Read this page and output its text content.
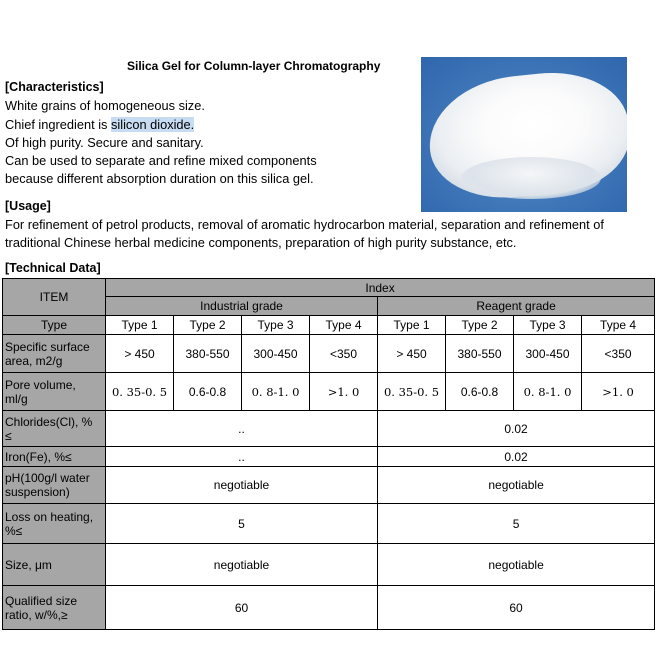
Silica Gel for Column-layer Chromatography
[Characteristics]
White grains of homogeneous size.
Chief ingredient is silicon dioxide.
Of high purity. Secure and sanitary.
Can be used to separate and refine mixed components
because different absorption duration on this silica gel.
[Usage]
For refinement of petrol products, removal of aromatic hydrocarbon material, separation and refinement of
traditional Chinese herbal medicine components, preparation of high purity substance, etc.
[Technical Data]
ITEM	Index							
	Industrial grade				Reagent grade			
Type	Type 1	Type 2	Type 3	Type 4	Type 1	Type 2	Type 3	Type 4
Specific surface
area, m2/g	> 450	380-550	300-450	<350	> 450	380-550	300-450	<350
Pore volume,
ml/g	0. 35-0. 5	0.6-0.8	0. 8-1. 0	>1. 0	0. 35-0. 5	0.6-0.8	0. 8-1. 0	>1. 0
Chlorides(Cl), %
≤	..				0.02			
Iron(Fe), %≤	..				0.02			
pH(100g/l water
suspension)	negotiable				negotiable			
Loss on heating,
%≤	5				5			
Size, μm	negotiable				negotiable			
Qualified size
ratio, w/%,≥	60				60			
